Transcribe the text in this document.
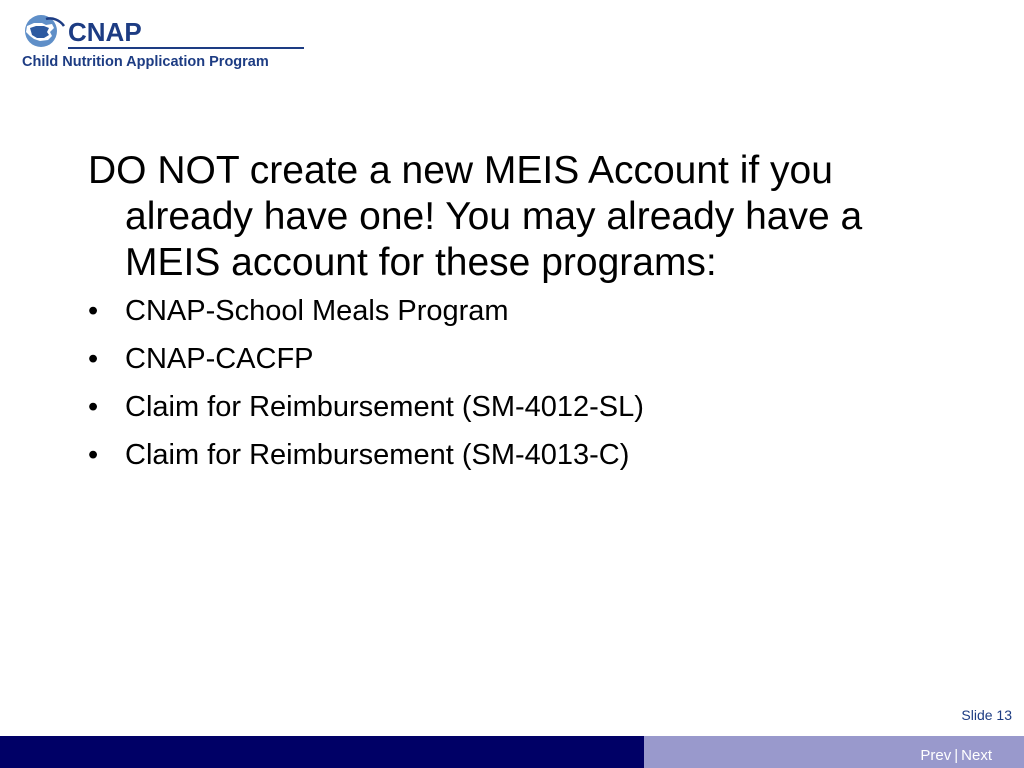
CNAP
Child Nutrition Application Program

DO NOT create a new MEIS Account if you already have one! You may already have a MEIS account for these programs:

• CNAP-School Meals Program
• CNAP-CACFP
• Claim for Reimbursement (SM-4012-SL)
• Claim for Reimbursement (SM-4013-C)
Slide 13
Prev | Next
